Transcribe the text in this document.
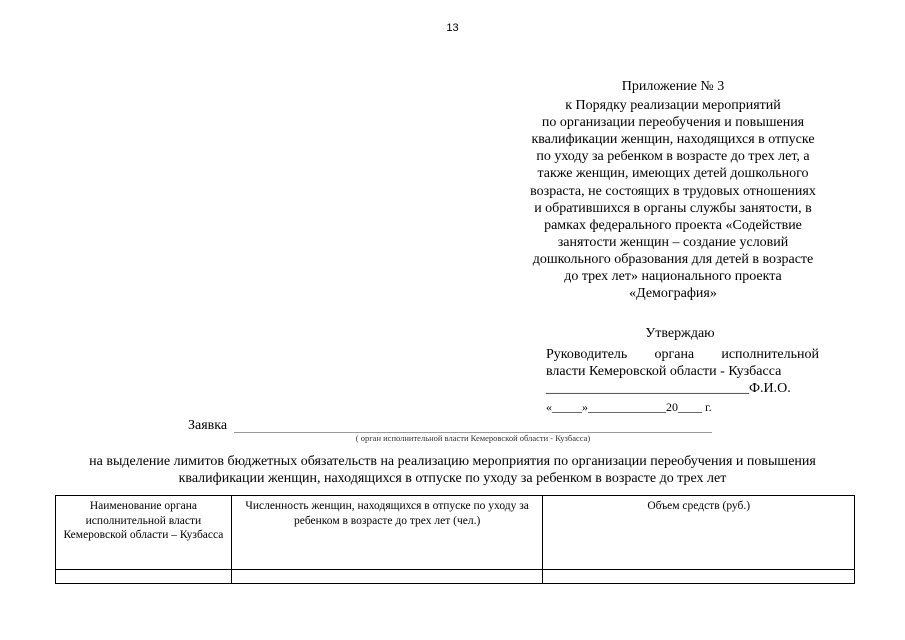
13
Приложение № 3
к Порядку реализации мероприятий
по организации переобучения и повышения
квалификации женщин, находящихся в отпуске
по уходу за ребенком в возрасте до трех лет, а
также женщин, имеющих детей дошкольного
возраста, не состоящих в трудовых отношениях
и обратившихся в органы службы занятости, в
рамках федерального проекта «Содействие
занятости женщин – создание условий
дошкольного образования для детей в возрасте
до трех лет» национального проекта
«Демография»
Утверждаю
Руководитель органа исполнительной
власти Кемеровской области - Кузбасса
_____________________________Ф.И.О.
«_____»_____________20____ г.
Заявка
( орган исполнительной власти Кемеровской области - Кузбасса)
на выделение лимитов бюджетных обязательств на реализацию мероприятия по организации переобучения и повышения
квалификации женщин, находящихся в отпуске по уходу за ребенком в возрасте до трех лет
Наименование органа исполнительной власти Кемеровской области – Кузбасса	Численность женщин, находящихся в отпуске по уходу за ребенком в возрасте до трех лет (чел.)	Объем средств (руб.)
